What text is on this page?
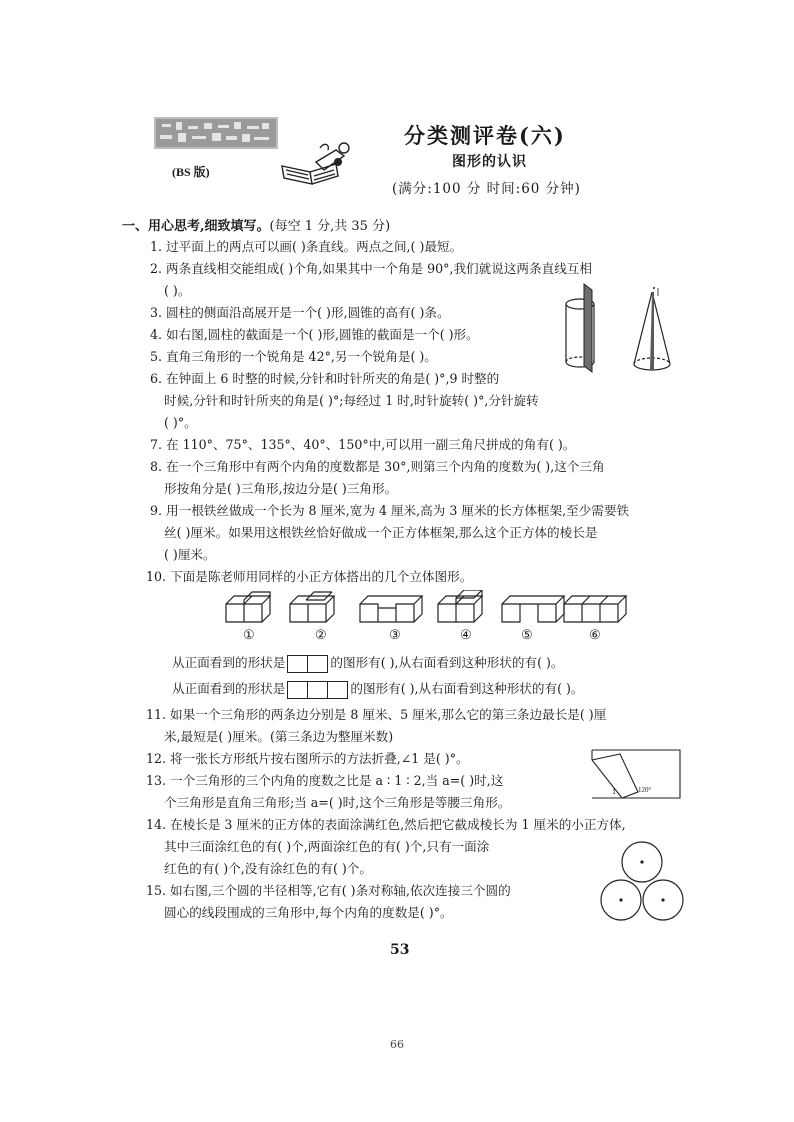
(BS 版)
分类测评卷(六)
图形的认识
(满分:100 分 时间:60 分钟)
一、用心思考,细致填写。(每空 1 分,共 35 分)
1. 过平面上的两点可以画( )条直线。两点之间,( )最短。
2. 两条直线相交能组成( )个角,如果其中一个角是 90°,我们就说这两条直线互相
( )。
3. 圆柱的侧面沿高展开是一个( )形,圆锥的高有( )条。
4. 如右图,圆柱的截面是一个( )形,圆锥的截面是一个( )形。
5. 直角三角形的一个锐角是 42°,另一个锐角是( )。
6. 在钟面上 6 时整的时候,分针和时针所夹的角是( )°,9 时整的
时候,分针和时针所夹的角是( )°;每经过 1 时,时针旋转( )°,分针旋转
( )°。
7. 在 110°、75°、135°、40°、150°中,可以用一副三角尺拼成的角有( )。
8. 在一个三角形中有两个内角的度数都是 30°,则第三个内角的度数为( ),这个三角
形按角分是( )三角形,按边分是( )三角形。
9. 用一根铁丝做成一个长为 8 厘米,宽为 4 厘米,高为 3 厘米的长方体框架,至少需要铁
丝( )厘米。如果用这根铁丝恰好做成一个正方体框架,那么这个正方体的棱长是
( )厘米。
10. 下面是陈老师用同样的小正方体搭出的几个立体图形。
①	②	③	④	⑤	⑥
从正面看到的形状是	的图形有( ),从右面看到这种形状的有( )。
从正面看到的形状是	的图形有( ),从右面看到这种形状的有( )。
11. 如果一个三角形的两条边分别是 8 厘米、5 厘米,那么它的第三条边最长是( )厘
米,最短是( )厘米。(第三条边为整厘米数)
12. 将一张长方形纸片按右图所示的方法折叠,∠1 是( )°。
13. 一个三角形的三个内角的度数之比是 a ∶ 1 ∶ 2,当 a=( )时,这
个三角形是直角三角形;当 a=( )时,这个三角形是等腰三角形。
14. 在棱长是 3 厘米的正方体的表面涂满红色,然后把它截成棱长为 1 厘米的小正方体,
其中三面涂红色的有( )个,两面涂红色的有( )个,只有一面涂
红色的有( )个,没有涂红色的有( )个。
15. 如右图,三个圆的半径相等,它有( )条对称轴,依次连接三个圆的
圆心的线段围成的三角形中,每个内角的度数是( )°。
1	120°
53
66
